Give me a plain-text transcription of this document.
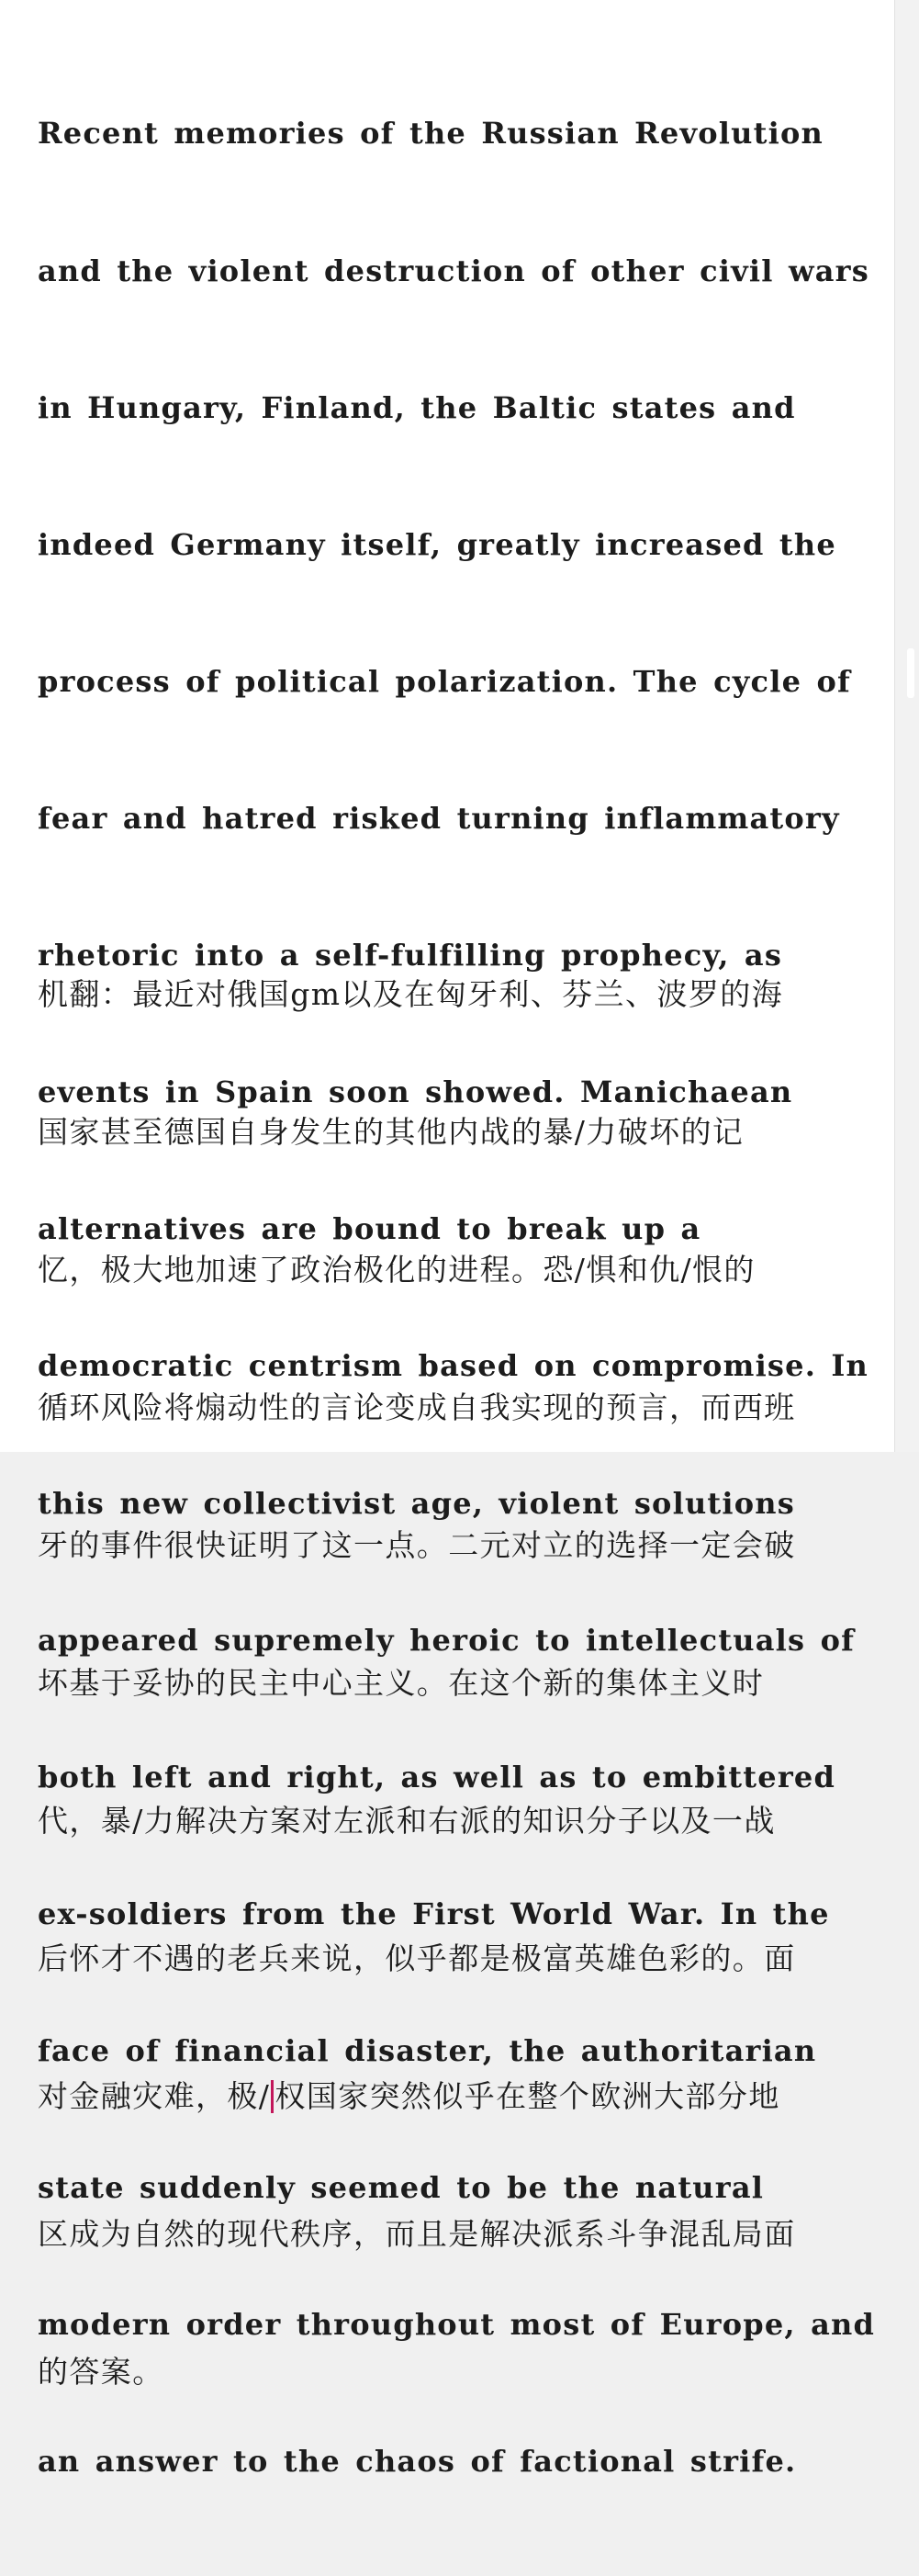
Recent memories of the Russian Revolution

and the violent destruction of other civil wars

in Hungary, Finland, the Baltic states and

indeed Germany itself, greatly increased the

process of political polarization. The cycle of

fear and hatred risked turning inflammatory

rhetoric into a self-fulfilling prophecy, as

events in Spain soon showed. Manichaean

alternatives are bound to break up a

democratic centrism based on compromise. In

this new collectivist age, violent solutions

appeared supremely heroic to intellectuals of

both left and right, as well as to embittered

ex-soldiers from the First World War. In the

face of financial disaster, the authoritarian

state suddenly seemed to be the natural

modern order throughout most of Europe, and

an answer to the chaos of factional strife.

机翻：最近对俄国gm以及在匈牙利、芬兰、波罗的海

国家甚至德国自身发生的其他内战的暴/力破坏的记

忆，极大地加速了政治极化的进程。恐/惧和仇/恨的

循环风险将煽动性的言论变成自我实现的预言，而西班

牙的事件很快证明了这一点。二元对立的选择一定会破

坏基于妥协的民主中心主义。在这个新的集体主义时

代，暴/力解决方案对左派和右派的知识分子以及一战

后怀才不遇的老兵来说，似乎都是极富英雄色彩的。面

对金融灾难，极/ 权国家突然似乎在整个欧洲大部分地

区成为自然的现代秩序，而且是解决派系斗争混乱局面

的答案。
